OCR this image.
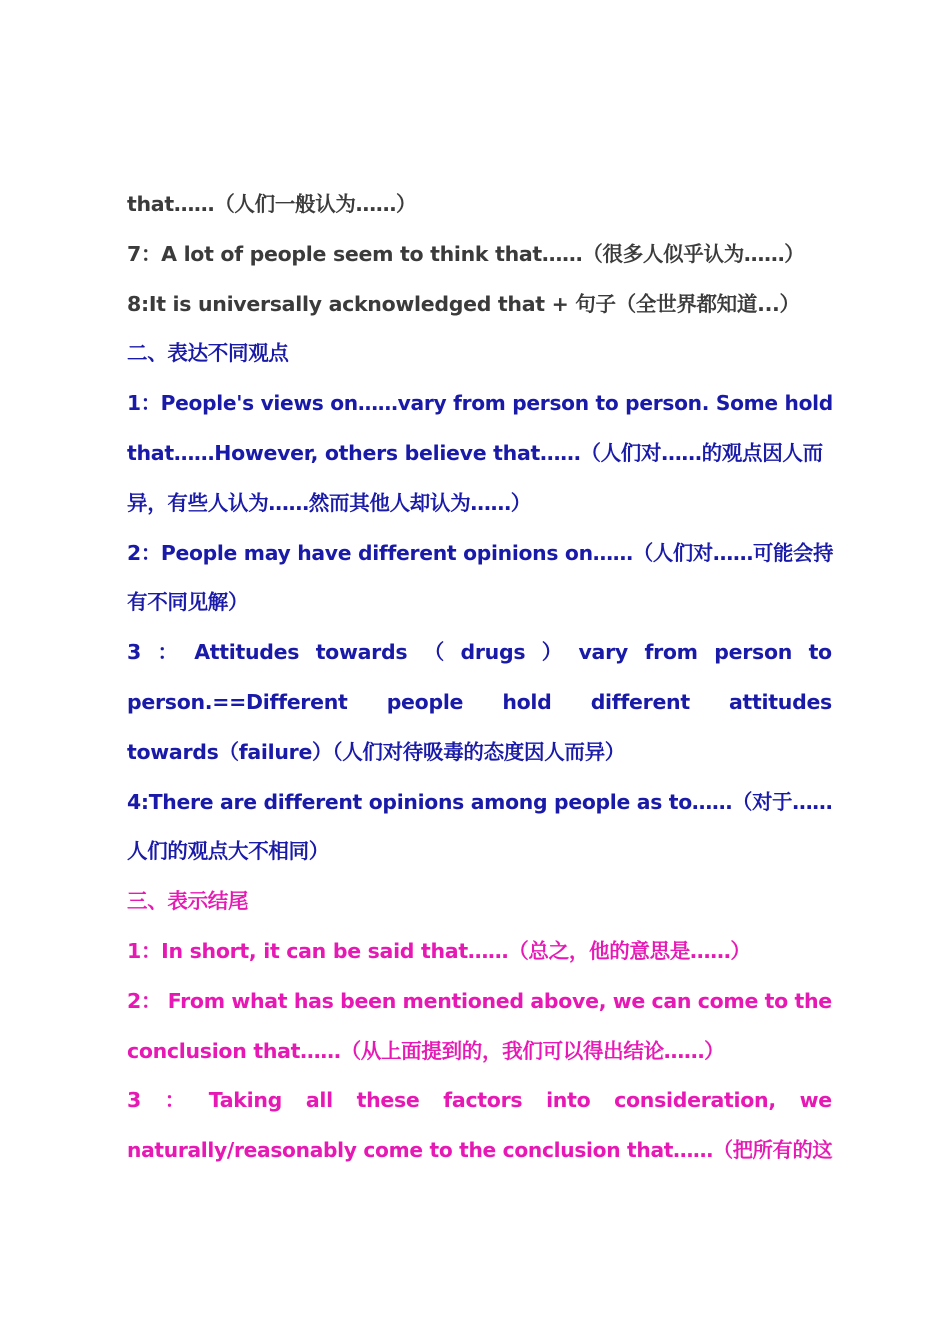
that……（人们一般认为……）
7：A lot of people seem to think that……（很多人似乎认为……）
8:It is universally acknowledged that + 句子（全世界都知道...）
二、表达不同观点
1：People's views on……vary from person to person. Some hold
that……However, others believe that……（人们对……的观点因人而
异，有些人认为……然而其他人却认为……）
2：People may have different opinions on……（人们对……可能会持
有不同见解）
3 ： Attitudes towards （ drugs ） vary from person to
person.==Different people hold different attitudes
towards（failure）（人们对待吸毒的态度因人而异）
4:There are different opinions among people as to……（对于……
人们的观点大不相同）
三、表示结尾
1：In short, it can be said that……（总之，他的意思是……）
2： From what has been mentioned above, we can come to the
conclusion that……（从上面提到的，我们可以得出结论……）
3 ： Taking all these factors into consideration, we
naturally/reasonably come to the conclusion that……（把所有的这
